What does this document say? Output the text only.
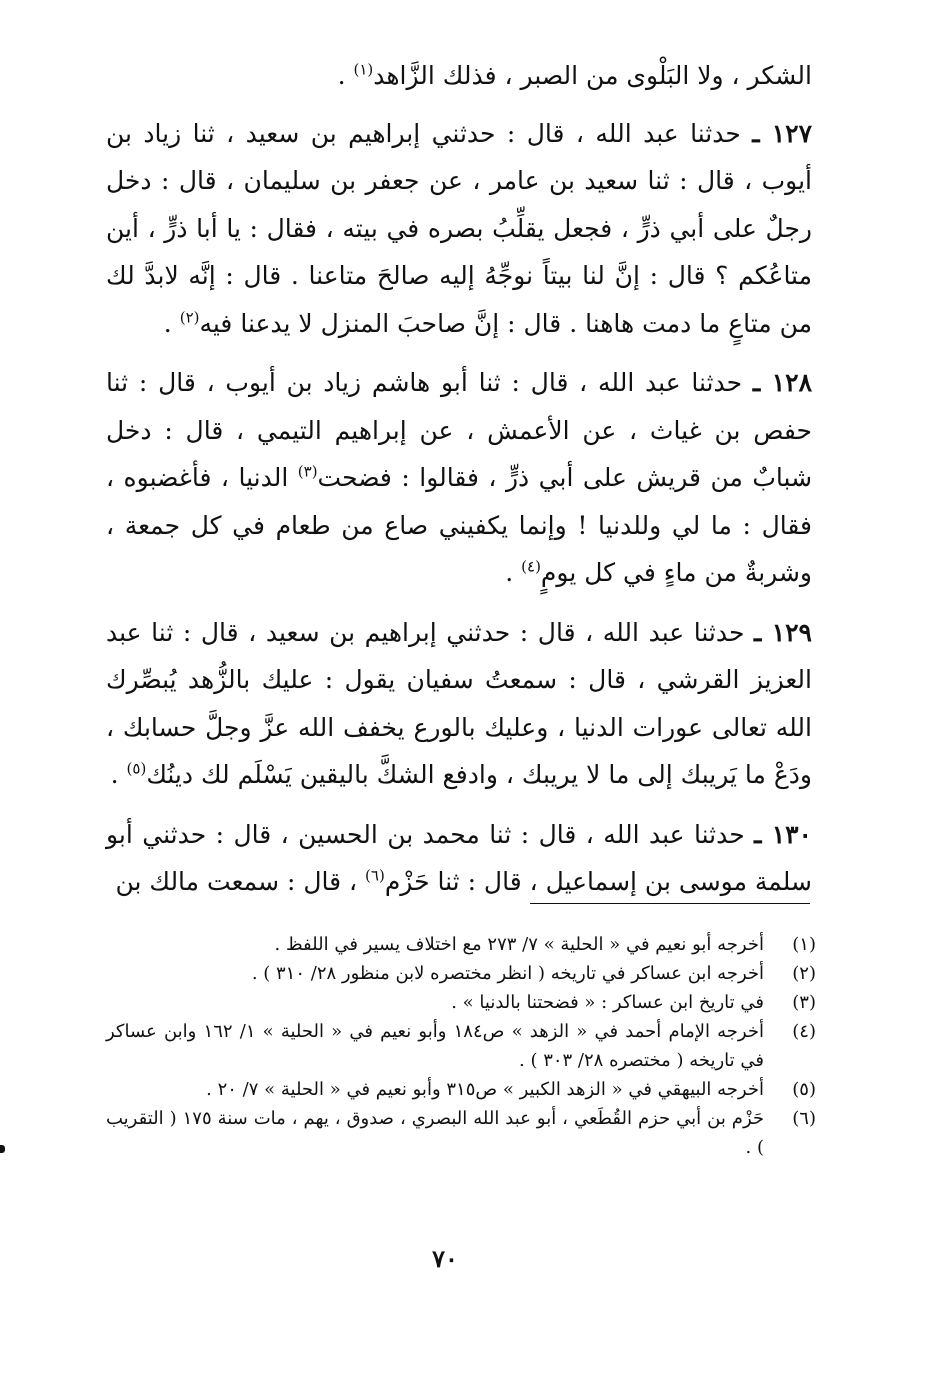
الشكر ، ولا البَلْوى من الصبر ، فذلك الزَّاهد$^{(١)}$ .

١٢٧ ـ حدثنا عبد الله ، قال : حدثني إبراهيم بن سعيد ، ثنا زياد بن أيوب ، قال : ثنا سعيد بن عامر ، عن جعفر بن سليمان ، قال : دخل رجلٌ على أبي ذرٍّ ، فجعل يقلِّبُ بصره في بيته ، فقال : يا أبا ذرٍّ ، أين متاعُكم ؟ قال : إنَّ لنا بيتاً نوجِّهُ إليه صالحَ متاعنا . قال : إنَّه لابدَّ لك من متاعٍ ما دمت هاهنا . قال : إنَّ صاحبَ المنزل لا يدعنا فيه$^{(٢)}$ .

١٢٨ ـ حدثنا عبد الله ، قال : ثنا أبو هاشم زياد بن أيوب ، قال : ثنا حفص بن غياث ، عن الأعمش ، عن إبراهيم التيمي ، قال : دخل شبابٌ من قريش على أبي ذرٍّ ، فقالوا : فضحت$^{(٣)}$ الدنيا ، فأغضبوه ، فقال : ما لي وللدنيا ! وإنما يكفيني صاع من طعام في كل جمعة ، وشربةٌ من ماءٍ في كل يومٍ$^{(٤)}$ .

١٢٩ ـ حدثنا عبد الله ، قال : حدثني إبراهيم بن سعيد ، قال : ثنا عبد العزيز القرشي ، قال : سمعتُ سفيان يقول : عليك بالزُّهد يُبصِّرك الله تعالى عورات الدنيا ، وعليك بالورع يخفف الله عزَّ وجلَّ حسابك ، ودَعْ ما يَريبك إلى ما لا يريبك ، وادفع الشكَّ باليقين يَسْلَم لك دينُك$^{(٥)}$ .

١٣٠ ـ حدثنا عبد الله ، قال : ثنا محمد بن الحسين ، قال : حدثني أبو سلمة موسى بن إسماعيل ، قال : ثنا حَزْم$^{(٦)}$ ، قال : سمعت مالك بن

(١)
أخرجه أبو نعيم في « الحلية » ٧/ ٢٧٣ مع اختلاف يسير في اللفظ .
(٢)
أخرجه ابن عساكر في تاريخه ( انظر مختصره لابن منظور ٢٨/ ٣١٠ ) .
(٣)
في تاريخ ابن عساكر : « فضحتنا بالدنيا » .
(٤)
أخرجه الإمام أحمد في « الزهد » ص١٨٤ وأبو نعيم في « الحلية » ١/ ١٦٢ وابن عساكر في تاريخه ( مختصره ٢٨/ ٣٠٣ ) .
(٥)
أخرجه البيهقي في « الزهد الكبير » ص٣١٥ وأبو نعيم في « الحلية » ٧/ ٢٠ .
(٦)
حَزْم بن أبي حزم القُطَعي ، أبو عبد الله البصري ، صدوق ، يهم ، مات سنة ١٧٥ ( التقريب ) .
٧٠
